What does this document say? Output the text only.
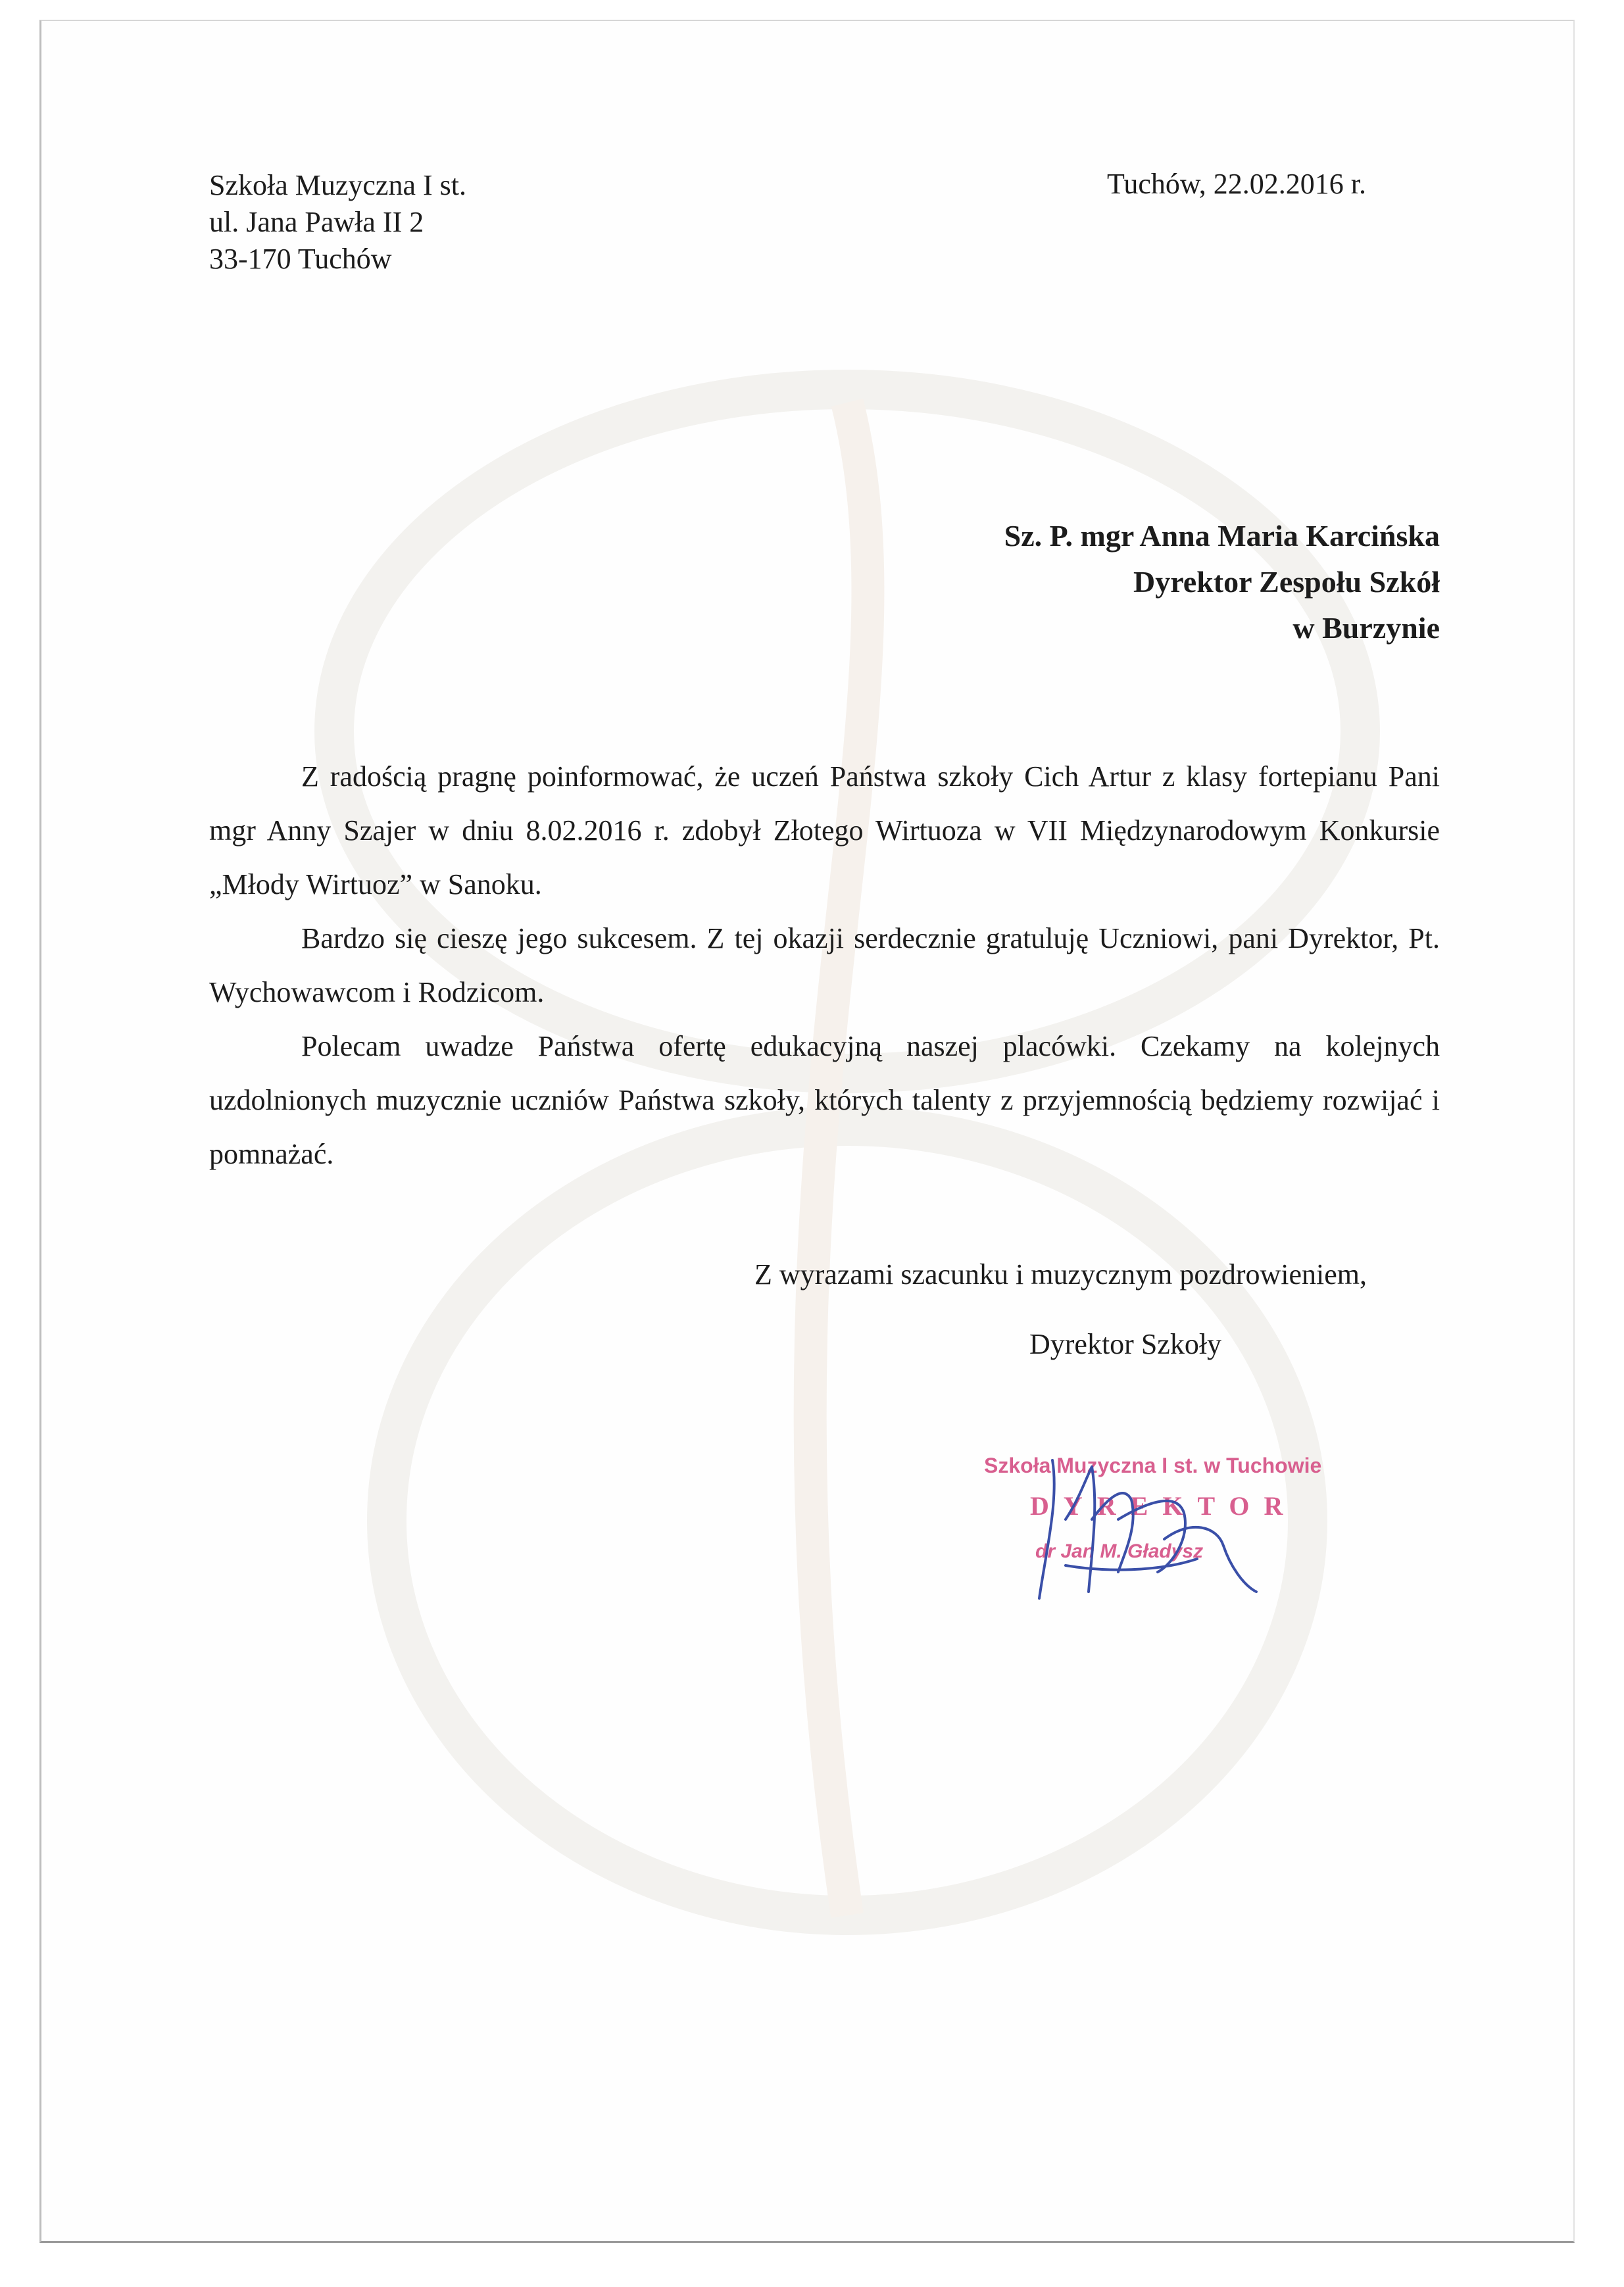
Szkoła Muzyczna I st.
ul. Jana Pawła II 2
33-170 Tuchów
Tuchów, 22.02.2016 r.
Sz. P. mgr Anna Maria Karcińska
Dyrektor Zespołu Szkół
w Burzynie

Z radością pragnę poinformować, że uczeń Państwa szkoły Cich Artur z klasy fortepianu Pani mgr Anny Szajer w dniu 8.02.2016 r. zdobył Złotego Wirtuoza w VII Międzynarodowym Konkursie „Młody Wirtuoz” w Sanoku.

Bardzo się cieszę jego sukcesem. Z tej okazji serdecznie gratuluję Uczniowi, pani Dyrektor, Pt. Wychowawcom i Rodzicom.

Polecam uwadze Państwa ofertę edukacyjną naszej placówki. Czekamy na kolejnych uzdolnionych muzycznie uczniów Państwa szkoły, których talenty z przyjemnością będziemy rozwijać i pomnażać.

Z wyrazami szacunku i muzycznym pozdrowieniem,
Dyrektor Szkoły
Szkoła Muzyczna I st. w Tuchowie
DYREKTOR
dr Jan M. Gładysz
